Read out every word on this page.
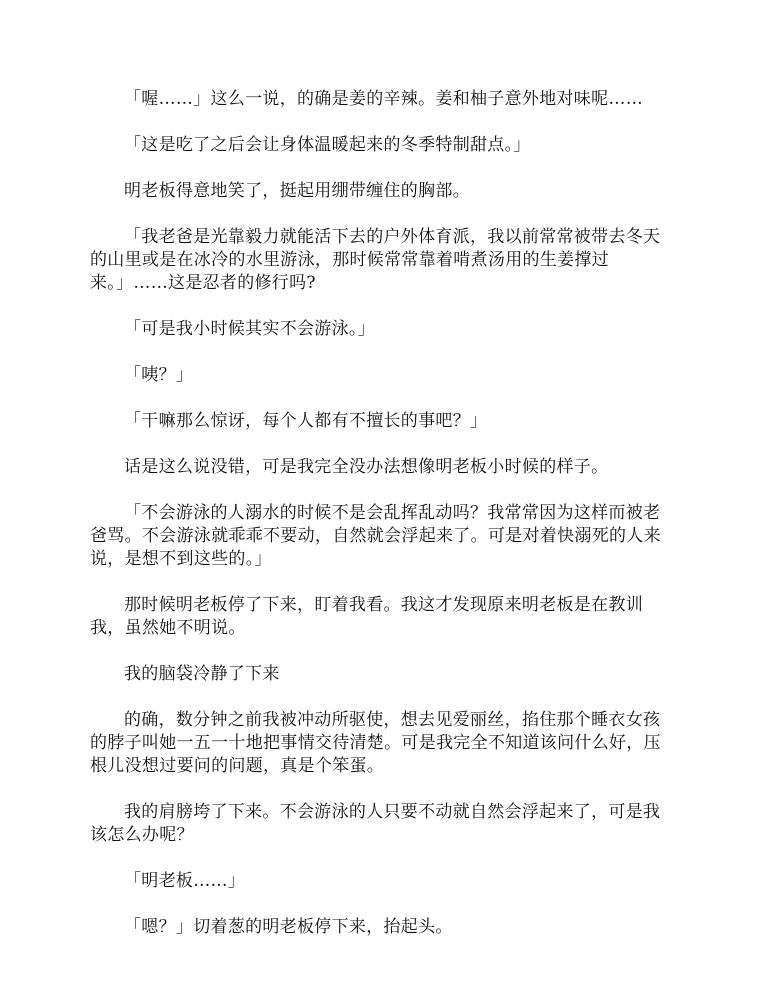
「喔……」这么一说，的确是姜的辛辣。姜和柚子意外地对味呢……

「这是吃了之后会让身体温暖起来的冬季特制甜点。」

明老板得意地笑了，挺起用绷带缠住的胸部。

「我老爸是光靠毅力就能活下去的户外体育派，我以前常常被带去冬天的山里或是在冰冷的水里游泳，那时候常常靠着啃煮汤用的生姜撑过来。」……这是忍者的修行吗?

「可是我小时候其实不会游泳。」

「咦？」

「干嘛那么惊讶，每个人都有不擅长的事吧？」

话是这么说没错，可是我完全没办法想像明老板小时候的样子。

「不会游泳的人溺水的时候不是会乱挥乱动吗？我常常因为这样而被老爸骂。不会游泳就乖乖不要动，自然就会浮起来了。可是对着快溺死的人来说，是想不到这些的。」

那时候明老板停了下来，盯着我看。我这才发现原来明老板是在教训我，虽然她不明说。

我的脑袋冷静了下来

的确，数分钟之前我被冲动所驱使，想去见爱丽丝，掐住那个睡衣女孩的脖子叫她一五一十地把事情交待清楚。可是我完全不知道该问什么好，压根儿没想过要问的问题，真是个笨蛋。

我的肩膀垮了下来。不会游泳的人只要不动就自然会浮起来了，可是我该怎么办呢？

「明老板……」

「嗯？」切着葱的明老板停下来，抬起头。
